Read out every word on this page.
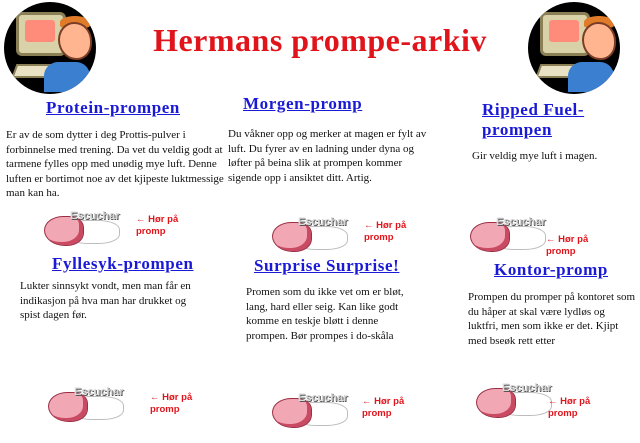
Hermans prompe-arkiv
Protein-prompen
Er av de som dytter i deg Prottis-pulver i forbinnelse med trening. Da vet du veldig godt at tarmene fylles opp med unødig mye luft. Denne luften er bortimot noe av det kjipeste luktmessige man kan ha.
Morgen-promp
Du våkner opp og merker at magen er fylt av luft. Du fyrer av en ladning under dyna og løfter på beina slik at prompen kommer sigende opp i ansiktet ditt. Artig.
Ripped Fuel-
prompen
Gir veldig mye luft i magen.
Escuchar ← Hør på
promp
Escuchar ← Hør på
promp
Escuchar
← Hør på
promp
Fyllesyk-prompen
Lukter sinnsykt vondt, men man får en indikasjon på hva man har drukket og spist dagen før.
Surprise Surprise!
Promen som du ikke vet om er bløt, lang, hard eller seig. Kan like godt komme en teskje bløtt i denne prompen. Bør prompes i do-skåla
Kontor-promp
Prompen du promper på kontoret som du håper at skal være lydløs og luktfri, men som ikke er det. Kjipt med bseøk rett etter
Escuchar	← Hør på
promp
Escuchar ← Hør på
promp
Escuchar
← Hør på
promp
